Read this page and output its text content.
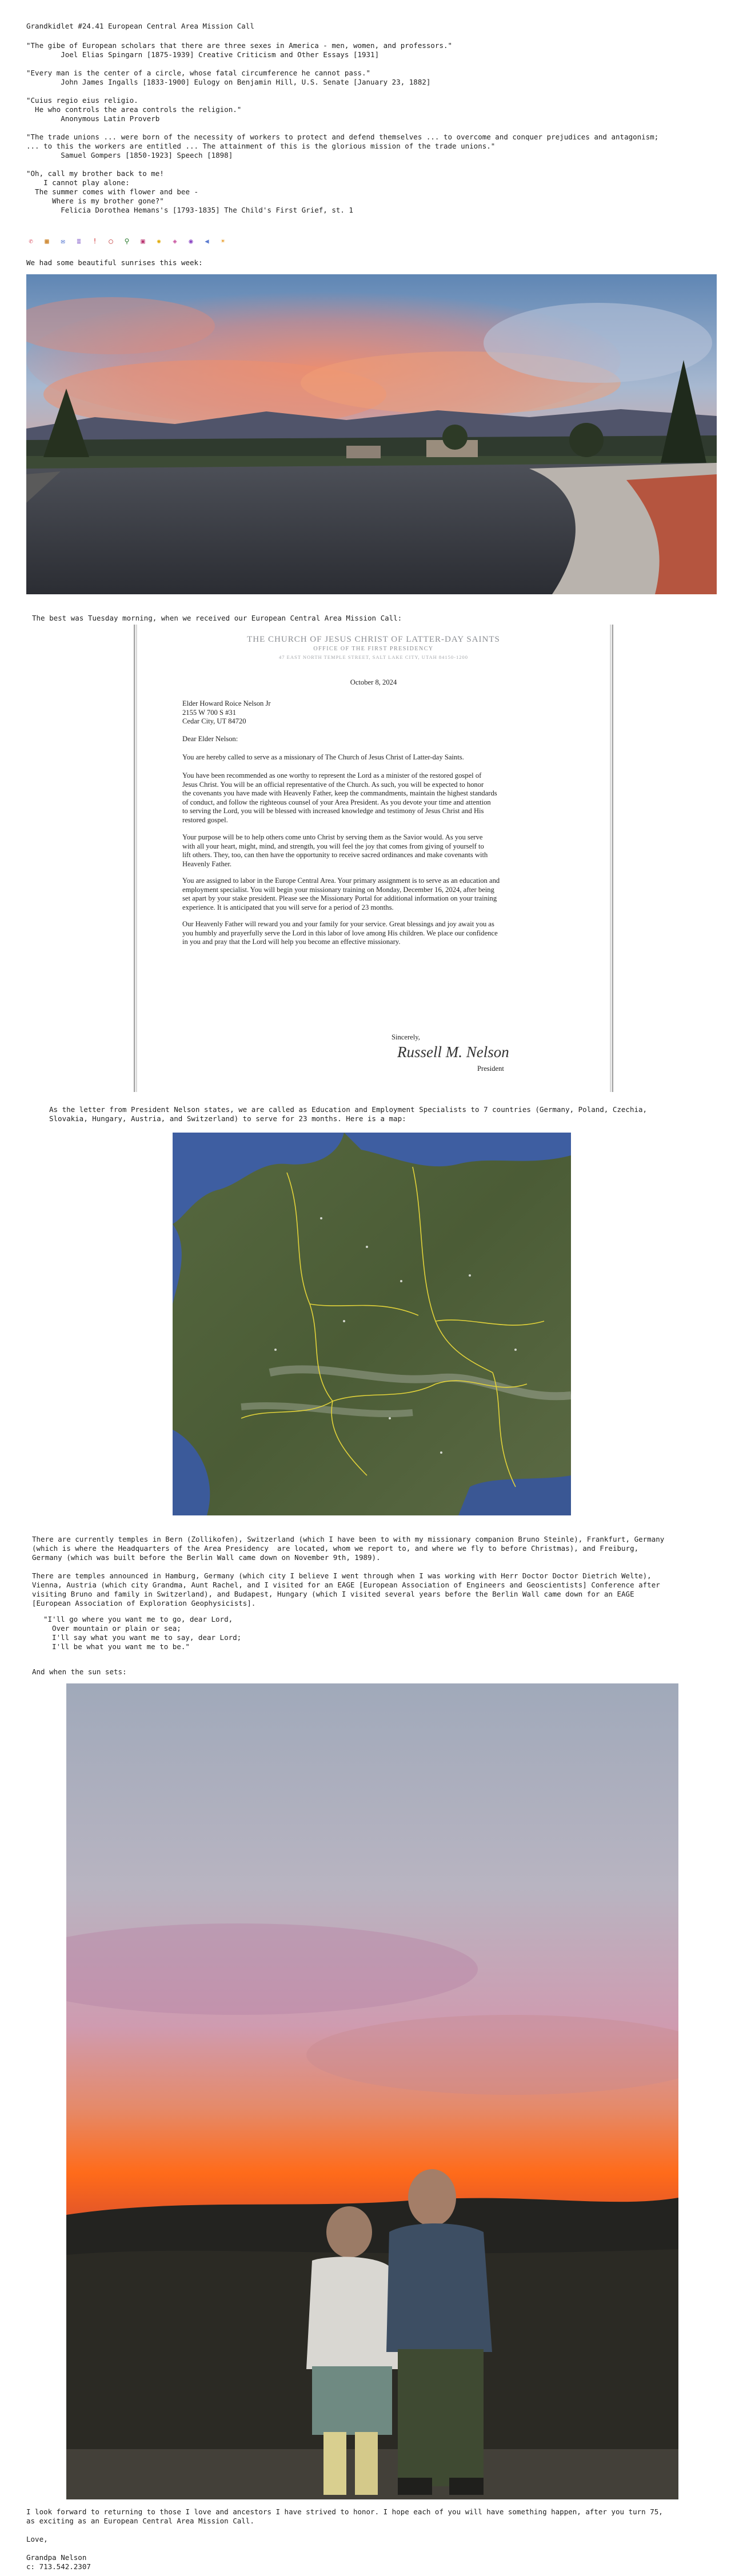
Grandkidlet #24.41 European Central Area Mission Call
"The gibe of European scholars that there are three sexes in America - men, women, and professors."
Joel Elias Spingarn [1875-1939] Creative Criticism and Other Essays [1931]
"Every man is the center of a circle, whose fatal circumference he cannot pass."
John James Ingalls [1833-1900] Eulogy on Benjamin Hill, U.S. Senate [January 23, 1882]
"Cuius regio eius religio.
He who controls the area controls the religion."
Anonymous Latin Proverb
"The trade unions ... were born of the necessity of workers to protect and defend themselves ... to overcome and conquer prejudices and antagonism;
... to this the workers are entitled ... The attainment of this is the glorious mission of the trade unions."
Samuel Gompers [1850-1923] Speech [1898]
"Oh, call my brother back to me!
I cannot play alone:
The summer comes with flower and bee -
Where is my brother gone?"
Felicia Dorothea Hemans's [1793-1835] The Child's First Grief, st. 1
✆	▦	✉	≣	!	◯	⚲	▣	✺	◈	◉	◀	☀
We had some beautiful sunrises this week:
The best was Tuesday morning, when we received our European Central Area Mission Call:
THE CHURCH OF JESUS CHRIST OF LATTER-DAY SAINTS
OFFICE OF THE FIRST PRESIDENCY
47 EAST NORTH TEMPLE STREET, SALT LAKE CITY, UTAH 84150-1200
October 8, 2024
Elder Howard Roice Nelson Jr
2155 W 700 S #31
Cedar City, UT 84720
Dear Elder Nelson:
You are hereby called to serve as a missionary of The Church of Jesus Christ of Latter-day Saints.
You have been recommended as one worthy to represent the Lord as a minister of the restored gospel of
Jesus Christ. You will be an official representative of the Church. As such, you will be expected to honor
the covenants you have made with Heavenly Father, keep the commandments, maintain the highest standards
of conduct, and follow the righteous counsel of your Area President. As you devote your time and attention
to serving the Lord, you will be blessed with increased knowledge and testimony of Jesus Christ and His
restored gospel.
Your purpose will be to help others come unto Christ by serving them as the Savior would. As you serve
with all your heart, might, mind, and strength, you will feel the joy that comes from giving of yourself to
lift others. They, too, can then have the opportunity to receive sacred ordinances and make covenants with
Heavenly Father.
You are assigned to labor in the Europe Central Area. Your primary assignment is to serve as an education and
employment specialist. You will begin your missionary training on Monday, December 16, 2024, after being
set apart by your stake president. Please see the Missionary Portal for additional information on your training
experience. It is anticipated that you will serve for a period of 23 months.
Our Heavenly Father will reward you and your family for your service. Great blessings and joy await you as
you humbly and prayerfully serve the Lord in this labor of love among His children. We place our confidence
in you and pray that the Lord will help you become an effective missionary.
Sincerely,
Russell M. Nelson
President
As the letter from President Nelson states, we are called as Education and Employment Specialists to 7 countries (Germany, Poland, Czechia,
Slovakia, Hungary, Austria, and Switzerland) to serve for 23 months. Here is a map:
There are currently temples in Bern (Zollikofen), Switzerland (which I have been to with my missionary companion Bruno Steinle), Frankfurt, Germany
(which is where the Headquarters of the Area Presidency  are located, whom we report to, and where we fly to before Christmas), and Freiburg,
Germany (which was built before the Berlin Wall came down on November 9th, 1989).
There are temples announced in Hamburg, Germany (which city I believe I went through when I was working with Herr Doctor Doctor Dietrich Welte),
Vienna, Austria (which city Grandma, Aunt Rachel, and I visited for an EAGE [European Association of Engineers and Geoscientists] Conference after
visiting Bruno and family in Switzerland), and Budapest, Hungary (which I visited several years before the Berlin Wall came down for an EAGE
[European Association of Exploration Geophysicists].
"I'll go where you want me to go, dear Lord,
Over mountain or plain or sea;
I'll say what you want me to say, dear Lord;
I'll be what you want me to be."
And when the sun sets:
I look forward to returning to those I love and ancestors I have strived to honor. I hope each of you will have something happen, after you turn 75,
as exciting as an European Central Area Mission Call.
Love,
Grandpa Nelson
c: 713.542.2307
